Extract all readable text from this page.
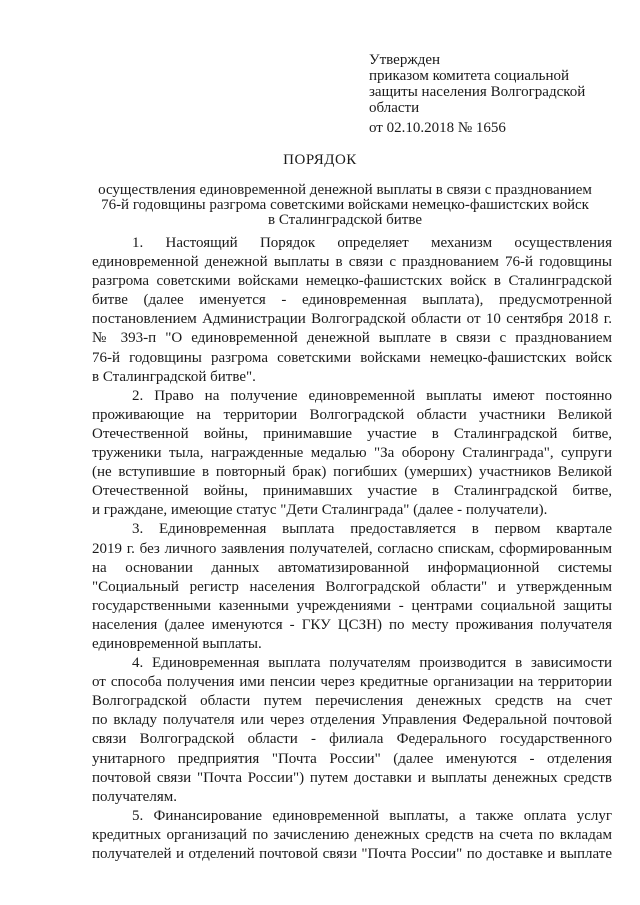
Утвержден
приказом комитета социальной
защиты населения Волгоградской
области
от 02.10.2018 № 1656
ПОРЯДОК
осуществления единовременной денежной выплаты в связи с празднованием
76-й годовщины разгрома советскими войсками немецко-фашистских войск
в Сталинградской битве
1. Настоящий Порядок определяет механизм осуществления
единовременной денежной выплаты в связи с празднованием 76-й годовщины
разгрома советскими войсками немецко-фашистских войск в Сталинградской
битве (далее именуется - единовременная выплата), предусмотренной
постановлением Администрации Волгоградской области от 10 сентября 2018 г.
№ 393-п "О единовременной денежной выплате в связи с празднованием
76-й годовщины разгрома советскими войсками немецко-фашистских войск
в Сталинградской битве".
2. Право на получение единовременной выплаты имеют постоянно
проживающие на территории Волгоградской области участники Великой
Отечественной войны, принимавшие участие в Сталинградской битве,
труженики тыла, награжденные медалью "За оборону Сталинграда", супруги
(не вступившие в повторный брак) погибших (умерших) участников Великой
Отечественной войны, принимавших участие в Сталинградской битве,
и граждане, имеющие статус "Дети Сталинграда" (далее - получатели).
3. Единовременная выплата предоставляется в первом квартале
2019 г. без личного заявления получателей, согласно спискам, сформированным
на основании данных автоматизированной информационной системы
"Социальный регистр населения Волгоградской области" и утвержденным
государственными казенными учреждениями - центрами социальной защиты
населения (далее именуются - ГКУ ЦСЗН) по месту проживания получателя
единовременной выплаты.
4. Единовременная выплата получателям производится в зависимости
от способа получения ими пенсии через кредитные организации на территории
Волгоградской области путем перечисления денежных средств на счет
по вкладу получателя или через отделения Управления Федеральной почтовой
связи Волгоградской области - филиала Федерального государственного
унитарного предприятия "Почта России" (далее именуются - отделения
почтовой связи "Почта России") путем доставки и выплаты денежных средств
получателям.
5. Финансирование единовременной выплаты, а также оплата услуг
кредитных организаций по зачислению денежных средств на счета по вкладам
получателей и отделений почтовой связи "Почта России" по доставке и выплате
